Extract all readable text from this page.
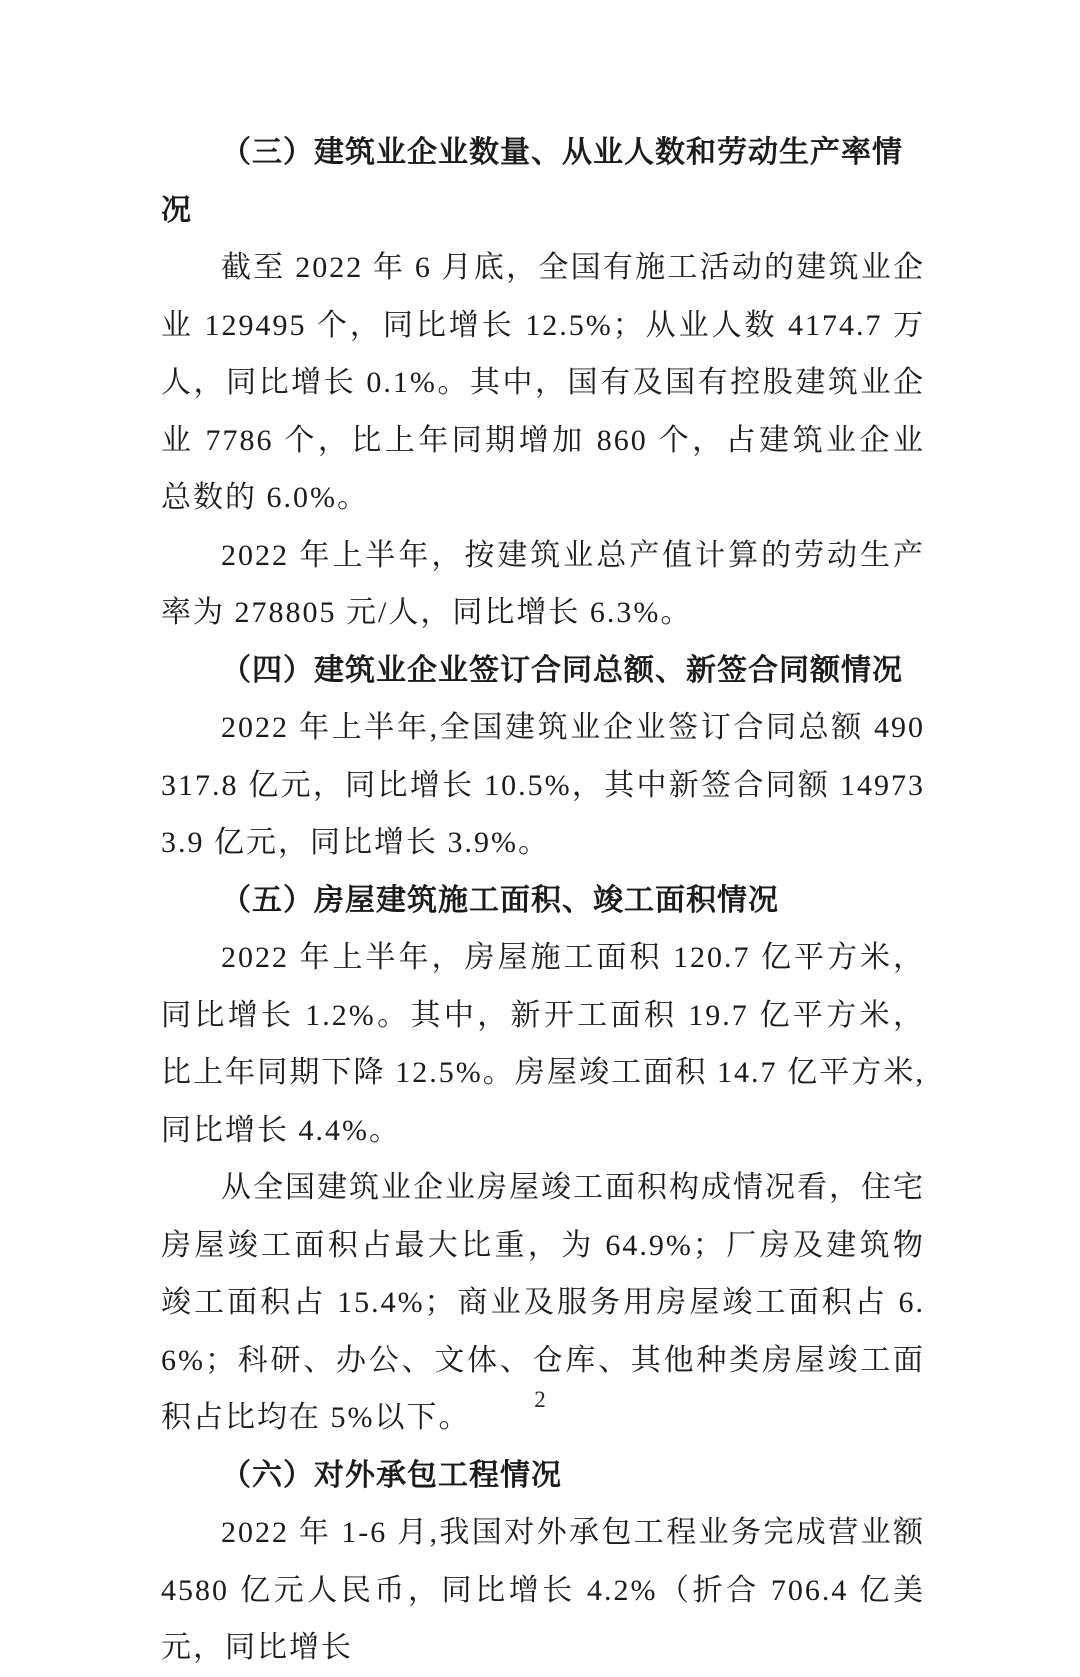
（三）建筑业企业数量、从业人数和劳动生产率情况

截至 2022 年 6 月底，全国有施工活动的建筑业企业 129495 个，同比增长 12.5%；从业人数 4174.7 万人，同比增长 0.1%。其中，国有及国有控股建筑业企业 7786 个，比上年同期增加 860 个，占建筑业企业总数的 6.0%。

2022 年上半年，按建筑业总产值计算的劳动生产率为 278805 元/人，同比增长 6.3%。

（四）建筑业企业签订合同总额、新签合同额情况

2022 年上半年,全国建筑业企业签订合同总额 490317.8 亿元，同比增长 10.5%，其中新签合同额 149733.9 亿元，同比增长 3.9%。

（五）房屋建筑施工面积、竣工面积情况

2022 年上半年，房屋施工面积 120.7 亿平方米，同比增长 1.2%。其中，新开工面积 19.7 亿平方米，比上年同期下降 12.5%。房屋竣工面积 14.7 亿平方米,同比增长 4.4%。

从全国建筑业企业房屋竣工面积构成情况看，住宅房屋竣工面积占最大比重，为 64.9%；厂房及建筑物竣工面积占 15.4%；商业及服务用房屋竣工面积占 6.6%；科研、办公、文体、仓库、其他种类房屋竣工面积占比均在 5%以下。

（六）对外承包工程情况

2022 年 1-6 月,我国对外承包工程业务完成营业额 4580 亿元人民币，同比增长 4.2%（折合 706.4 亿美元，同比增长

2
